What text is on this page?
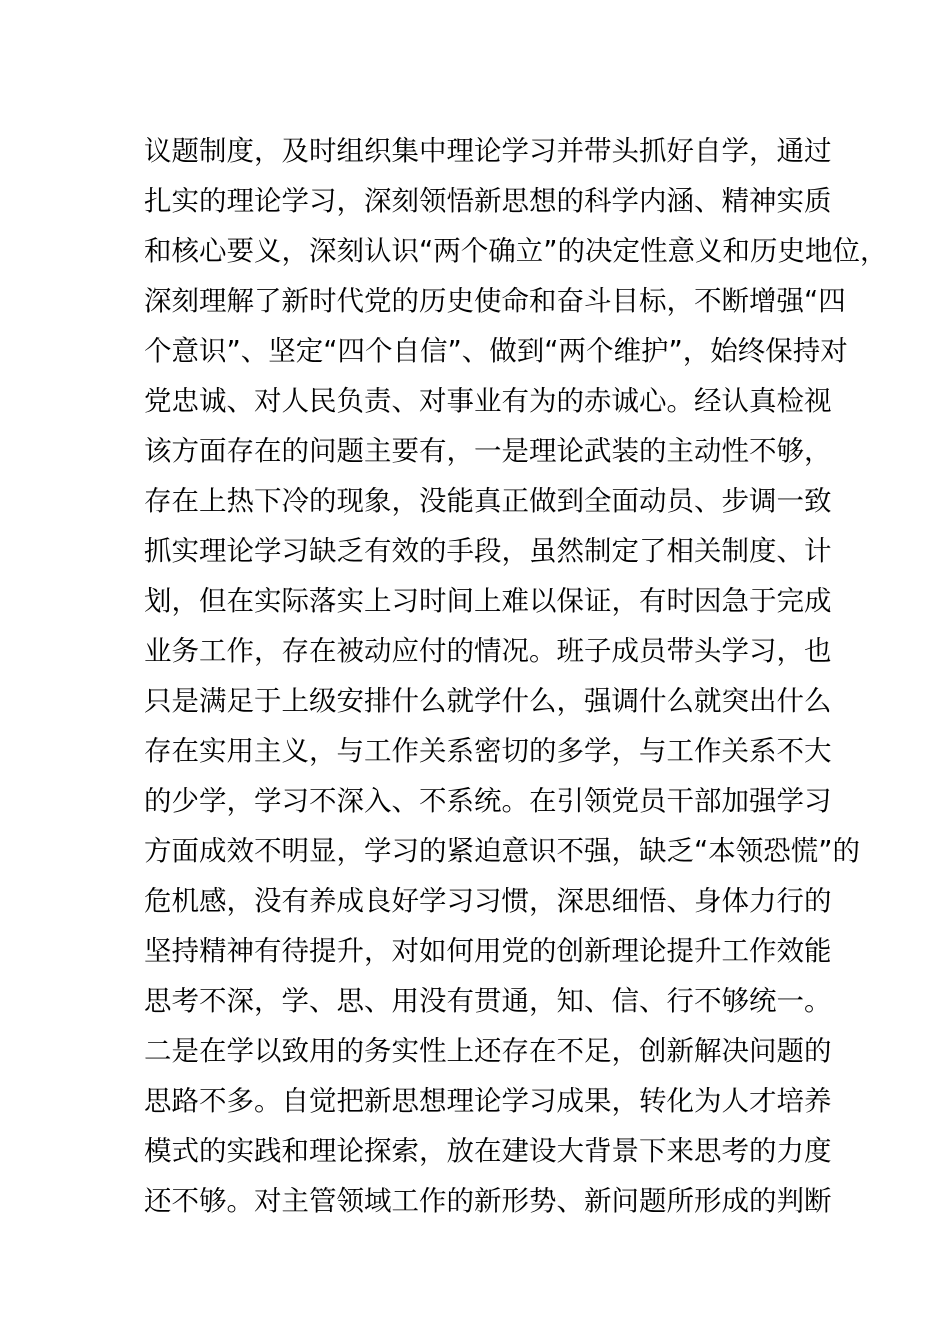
议题制度，及时组织集中理论学习并带头抓好自学，通过
扎实的理论学习，深刻领悟新思想的科学内涵、精神实质
和核心要义，深刻认识“两个确立”的决定性意义和历史地位，
深刻理解了新时代党的历史使命和奋斗目标，不断增强“四
个意识”、坚定“四个自信”、做到“两个维护”，始终保持对
党忠诚、对人民负责、对事业有为的赤诚心。经认真检视
该方面存在的问题主要有，一是理论武装的主动性不够，
存在上热下冷的现象，没能真正做到全面动员、步调一致
抓实理论学习缺乏有效的手段，虽然制定了相关制度、计
划，但在实际落实上习时间上难以保证，有时因急于完成
业务工作，存在被动应付的情况。班子成员带头学习，也
只是满足于上级安排什么就学什么，强调什么就突出什么
存在实用主义，与工作关系密切的多学，与工作关系不大
的少学，学习不深入、不系统。在引领党员干部加强学习
方面成效不明显，学习的紧迫意识不强，缺乏“本领恐慌”的
危机感，没有养成良好学习习惯，深思细悟、身体力行的
坚持精神有待提升，对如何用党的创新理论提升工作效能
思考不深，学、思、用没有贯通，知、信、行不够统一。
二是在学以致用的务实性上还存在不足，创新解决问题的
思路不多。自觉把新思想理论学习成果，转化为人才培养
模式的实践和理论探索，放在建设大背景下来思考的力度
还不够。对主管领域工作的新形势、新问题所形成的判断
